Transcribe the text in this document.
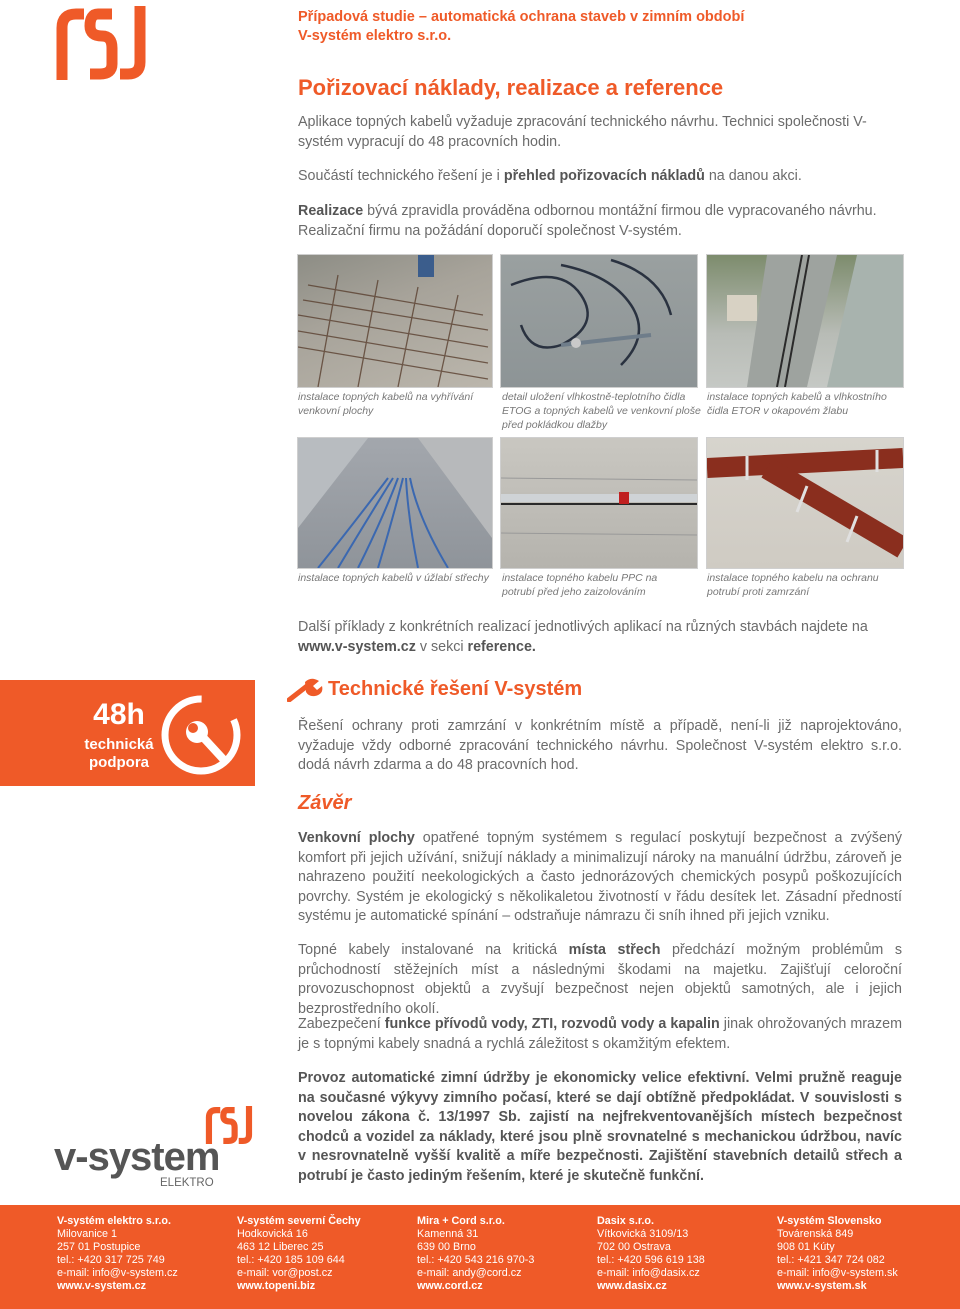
Případová studie – automatická ochrana staveb v zimním období
V-systém elektro s.r.o.
Pořizovací náklady, realizace a reference
Aplikace topných kabelů vyžaduje zpracování technického návrhu. Technici společnosti V-systém vypracují do 48 pracovních hodin.
Součástí technického řešení je i přehled pořizovacích nákladů na danou akci.
Realizace bývá zpravidla prováděna odbornou montážní firmou dle vypracovaného návrhu.
Realizační firmu na požádání doporučí společnost V-systém.
instalace topných kabelů na vyhřívání venkovní plochy
detail uložení vlhkostně-teplotního čidla ETOG a topných kabelů ve venkovní ploše před pokládkou dlažby
instalace topných kabelů a vlhkostního čidla ETOR v okapovém žlabu
instalace topných kabelů v úžlabí střechy	instalace topného kabelu PPC na potrubí před jeho zaizolováním
instalace topného kabelu na ochranu potrubí proti zamrzání
Další příklady z konkrétních realizací jednotlivých aplikací na různých stavbách najdete na
www.v-system.cz v sekci reference.
48h
technická
podpora
Technické řešení V-systém
Řešení ochrany proti zamrzání v konkrétním místě a případě, není-li již naprojektováno, vyžaduje vždy odborné zpracování technického návrhu. Společnost V-systém elektro s.r.o. dodá návrh zdarma a do 48 pracovních hod.
Závěr
Venkovní plochy opatřené topným systémem s regulací poskytují bezpečnost a zvýšený komfort při jejich užívání, snižují náklady a minimalizují nároky na manuální údržbu, zároveň je nahrazeno použití neekologických a často jednorázových chemických posypů poškozujících povrchy. Systém je ekologický s několikaletou životností v řádu desítek let. Zásadní předností systému je automatické spínání – odstraňuje námrazu či sníh ihned při jejich vzniku.
Topné kabely instalované na kritická místa střech předchází možným problémům s průchodností stěžejních míst a následnými škodami na majetku. Zajišťují celoroční provozuschopnost objektů a zvyšují bezpečnost nejen objektů samotných, ale i jejich bezprostředního okolí.
Zabezpečení funkce přívodů vody, ZTI, rozvodů vody a kapalin jinak ohrožovaných mrazem je s topnými kabely snadná a rychlá záležitost s okamžitým efektem.
Provoz automatické zimní údržby je ekonomicky velice efektivní. Velmi pružně reaguje na současné výkyvy zimního počasí, které se dají obtížně předpokládat. V souvislosti s novelou zákona č. 13/1997 Sb. zajistí na nejfrekventovanějších místech bezpečnost chodců a vozidel za náklady, které jsou plně srovnatelné s mechanickou údržbou, navíc v nesrovnatelně vyšší kvalitě a míře bezpečnosti. Zajištění stavebních detailů střech a potrubí je často jediným řešením, které je skutečně funkční.
v-system
ELEKTRO
V-systém elektro s.r.o.
Milovanice 1
257 01 Postupice
tel.: +420 317 725 749
e-mail: info@v-system.cz
www.v-system.cz
V-systém severní Čechy
Hodkovická 16
463 12 Liberec 25
tel.: +420 185 109 644
e-mail: vor@post.cz
www.topeni.biz
Mira + Cord s.r.o.
Kamenná 31
639 00 Brno
tel.: +420 543 216 970-3
e-mail: andy@cord.cz
www.cord.cz
Dasix s.r.o.
Vítkovická 3109/13
702 00 Ostrava
tel.: +420 596 619 138
e-mail: info@dasix.cz
www.dasix.cz
V-systém Slovensko
Továrenská 849
908 01 Kúty
tel.: +421 347 724 082
e-mail: info@v-system.sk
www.v-system.sk
